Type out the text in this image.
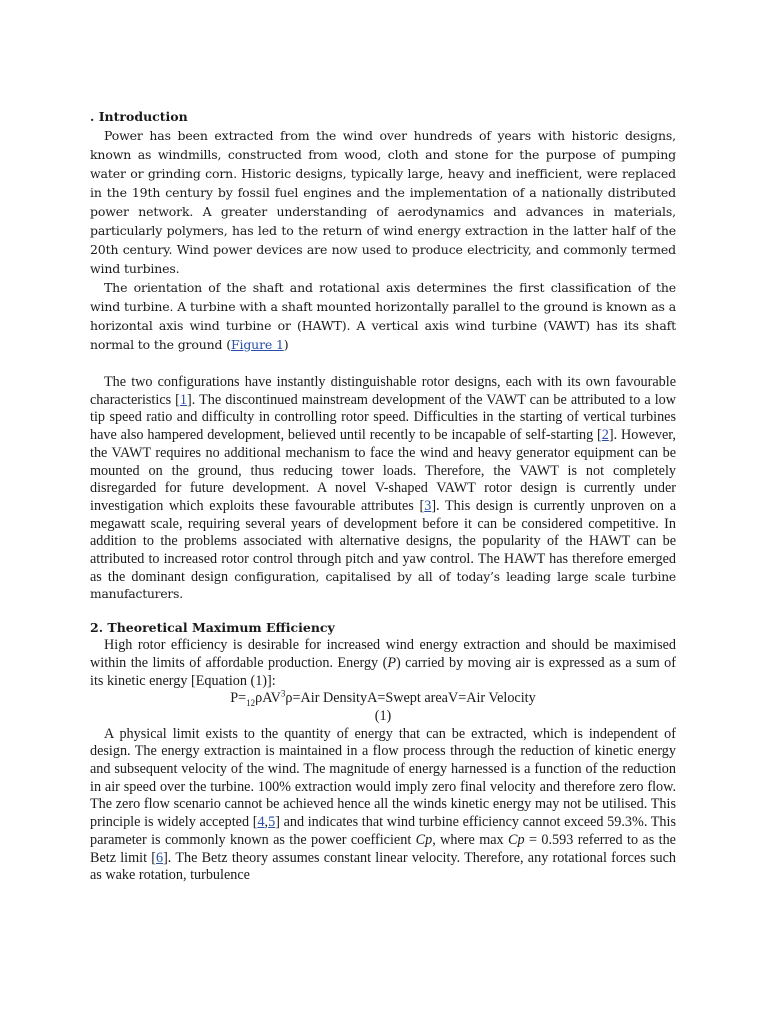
. Introduction

Power has been extracted from the wind over hundreds of years with historic designs, known as windmills, constructed from wood, cloth and stone for the purpose of pumping water or grinding corn. Historic designs, typically large, heavy and inefficient, were replaced in the 19th century by fossil fuel engines and the implementation of a nationally distributed power network. A greater understanding of aerodynamics and advances in materials, particularly polymers, has led to the return of wind energy extraction in the latter half of the 20th century. Wind power devices are now used to produce electricity, and commonly termed wind turbines.

The orientation of the shaft and rotational axis determines the first classification of the wind turbine. A turbine with a shaft mounted horizontally parallel to the ground is known as a horizontal axis wind turbine or (HAWT). A vertical axis wind turbine (VAWT) has its shaft normal to the ground (Figure 1)

The two configurations have instantly distinguishable rotor designs, each with its own favourable characteristics [1]. The discontinued mainstream development of the VAWT can be attributed to a low tip speed ratio and difficulty in controlling rotor speed. Difficulties in the starting of vertical turbines have also hampered development, believed until recently to be incapable of self-starting [2]. However, the VAWT requires no additional mechanism to face the wind and heavy generator equipment can be mounted on the ground, thus reducing tower loads. Therefore, the VAWT is not completely disregarded for future development. A novel V-shaped VAWT rotor design is currently under investigation which exploits these favourable attributes [3]. This design is currently unproven on a megawatt scale, requiring several years of development before it can be considered competitive. In addition to the problems associated with alternative designs, the popularity of the HAWT can be attributed to increased rotor control through pitch and yaw control. The HAWT has therefore emerged as the dominant design configuration, capitalised by all of today’s leading large scale turbine manufacturers.

2. Theoretical Maximum Efficiency

High rotor efficiency is desirable for increased wind energy extraction and should be maximised within the limits of affordable production. Energy (P) carried by moving air is expressed as a sum of its kinetic energy [Equation (1)]:

$P=_{12}\rho AV^3\rho=Air$ DensityA=Swept areaV=Air Velocity

(1)

A physical limit exists to the quantity of energy that can be extracted, which is independent of design. The energy extraction is maintained in a flow process through the reduction of kinetic energy and subsequent velocity of the wind. The magnitude of energy harnessed is a function of the reduction in air speed over the turbine. 100% extraction would imply zero final velocity and therefore zero flow. The zero flow scenario cannot be achieved hence all the winds kinetic energy may not be utilised. This principle is widely accepted [4,5] and indicates that wind turbine efficiency cannot exceed 59.3%. This parameter is commonly known as the power coefficient Cp, where max Cp = 0.593 referred to as the Betz limit [6]. The Betz theory assumes constant linear velocity. Therefore, any rotational forces such as wake rotation, turbulence
